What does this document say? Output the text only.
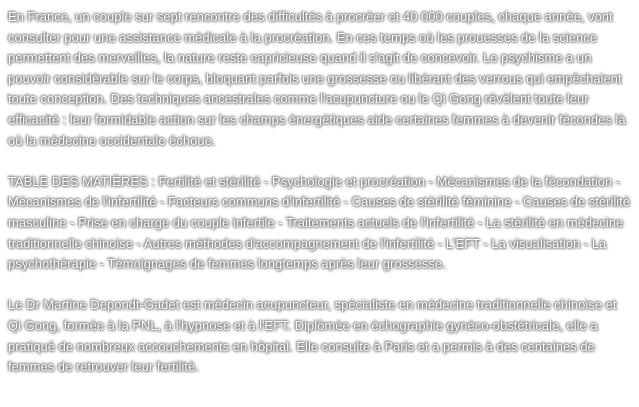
En France, un couple sur sept rencontre des difficultés à procréer et 40 000 couples, chaque année, vont consulter pour une assistance médicale à la procréation. En ces temps où les prouesses de la science permettent des merveilles, la nature reste capricieuse quand il s'agit de concevoir. Le psychisme a un pouvoir considérable sur le corps, bloquant parfois une grossesse ou libérant des verrous qui empêchaient toute conception. Des techniques ancestrales comme l'acupuncture ou le Qi Gong révèlent toute leur efficacité : leur formidable action sur les champs énergétiques aide certaines femmes à devenir fécondes là où la médecine occidentale échoue.

TABLE DES MATIÈRES : Fertilité et stérilité - Psychologie et procréation - Mécanismes de la fécondation - Mécanismes de l'infertilité - Facteurs communs d'infertilité - Causes de stérilité féminine - Causes de stérilité masculine - Prise en charge du couple infertile - Traitements actuels de l'infertilité - La stérilité en médecine traditionnelle chinoise - Autres méthodes d'accompagnement de l'infertilité - L'EFT - La visualisation - La psychothérapie - Témoignages de femmes longtemps après leur grossesse.

Le Dr Martine Depondt-Gadet est médecin acupuncteur, spécialiste en médecine traditionnelle chinoise et Qi Gong, formée à la PNL, à l'hypnose et à l'EFT. Diplômée en échographie gynéco-obstétricale, elle a pratiqué de nombreux accouchements en hôpital. Elle consulte à Paris et a permis à des centaines de femmes de retrouver leur fertilité.
